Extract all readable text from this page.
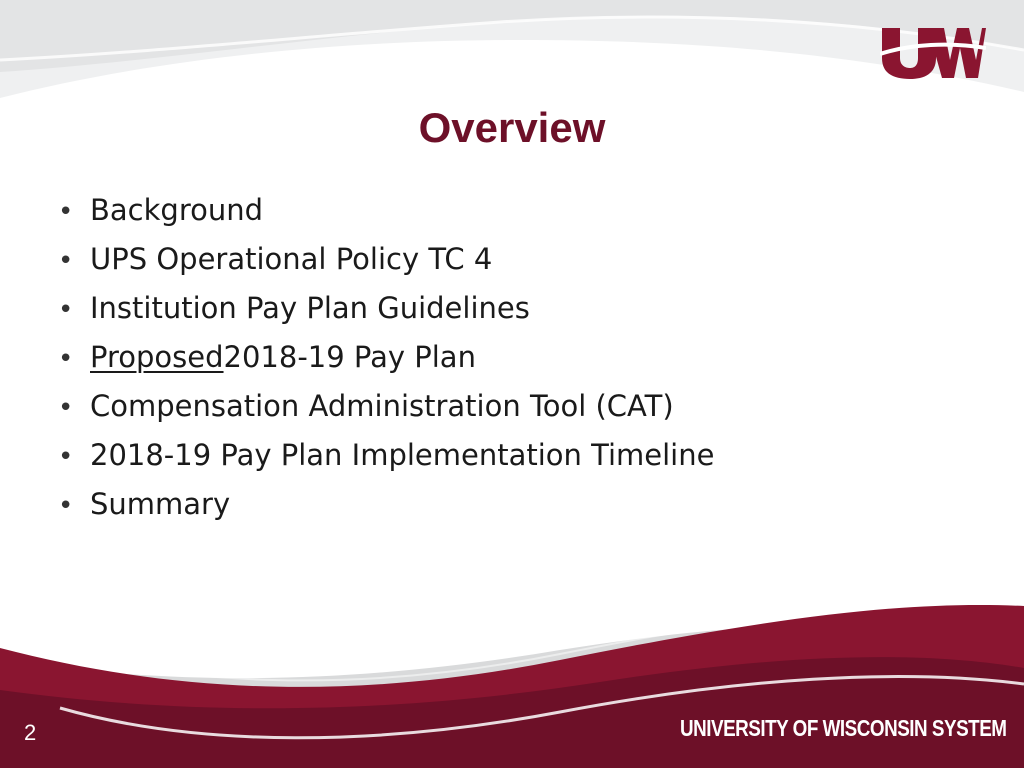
Overview
• Background
• UPS Operational Policy TC 4
• Institution Pay Plan Guidelines
• Proposed 2018-19 Pay Plan
• Compensation Administration Tool (CAT)
• 2018-19 Pay Plan Implementation Timeline
• Summary
2	UNIVERSITY OF WISCONSIN SYSTEM
